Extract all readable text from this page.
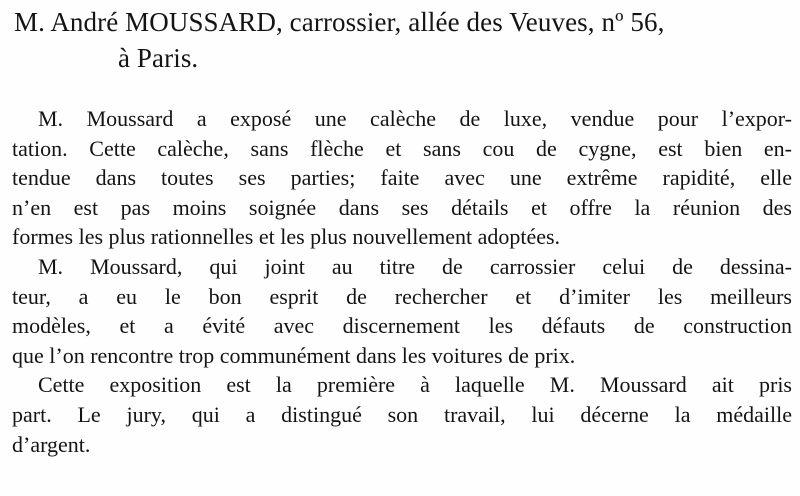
M. André MOUSSARD, carrossier, allée des Veuves, nº 56,
à Paris.
M. Moussard a exposé une calèche de luxe, vendue pour l’expor-
tation. Cette calèche, sans flèche et sans cou de cygne, est bien en-
tendue dans toutes ses parties; faite avec une extrême rapidité, elle
n’en est pas moins soignée dans ses détails et offre la réunion des
formes les plus rationnelles et les plus nouvellement adoptées.
M. Moussard, qui joint au titre de carrossier celui de dessina-
teur, a eu le bon esprit de rechercher et d’imiter les meilleurs
modèles, et a évité avec discernement les défauts de construction
que l’on rencontre trop communément dans les voitures de prix.
Cette exposition est la première à laquelle M. Moussard ait pris
part. Le jury, qui a distingué son travail, lui décerne la médaille
d’argent.
